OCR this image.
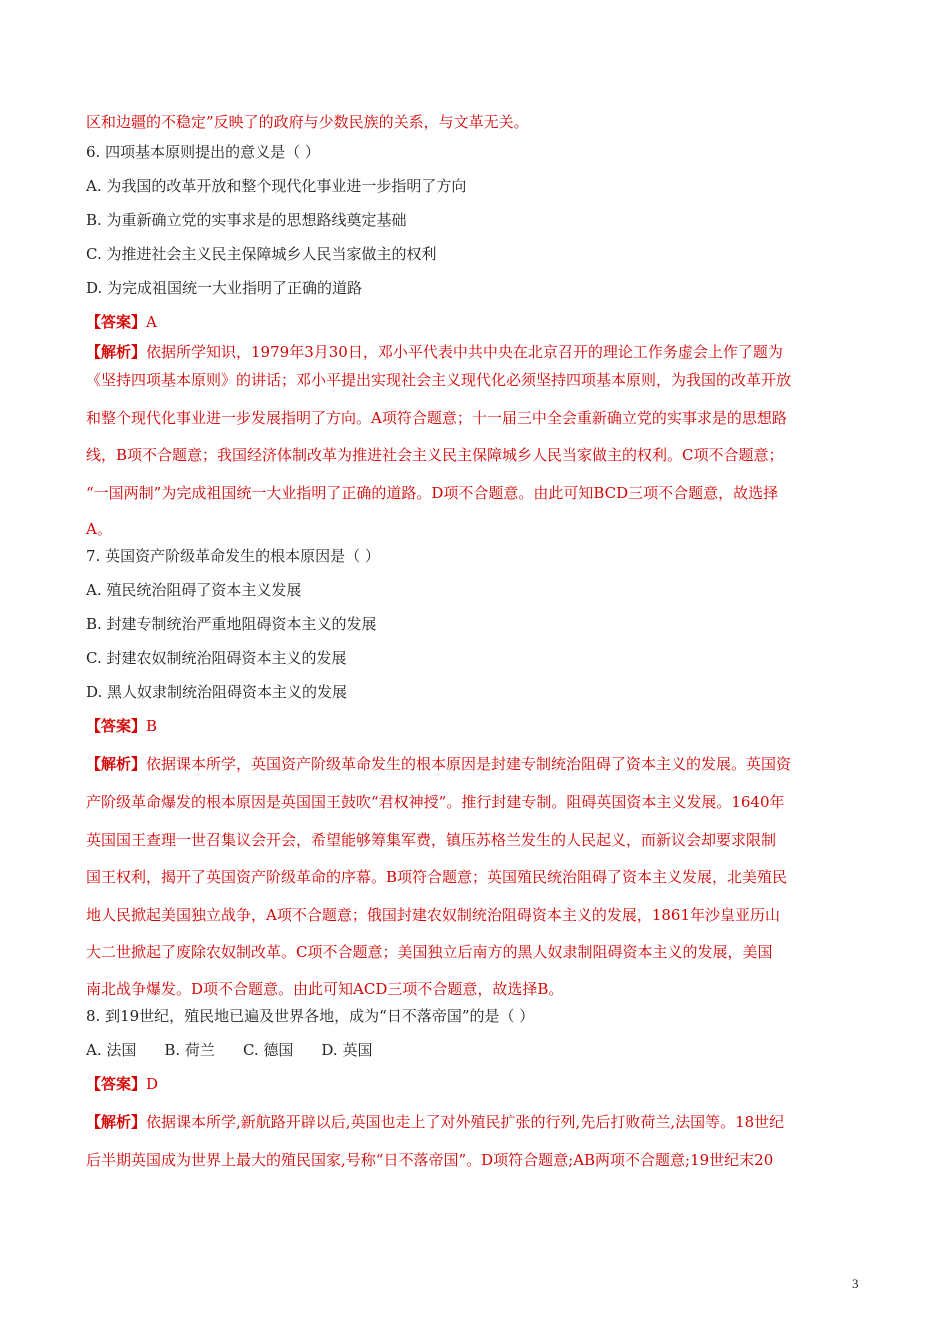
区和边疆的不稳定”反映了的政府与少数民族的关系，与文革无关。
6. 四项基本原则提出的意义是（ ）
A. 为我国的改革开放和整个现代化事业进一步指明了方向
B. 为重新确立党的实事求是的思想路线奠定基础
C. 为推进社会主义民主保障城乡人民当家做主的权利
D. 为完成祖国统一大业指明了正确的道路
【答案】A
【解析】依据所学知识，1979年3月30日，邓小平代表中共中央在北京召开的理论工作务虚会上作了题为
《坚持四项基本原则》的讲话；邓小平提出实现社会主义现代化必须坚持四项基本原则，为我国的改革开放
和整个现代化事业进一步发展指明了方向。A项符合题意；十一届三中全会重新确立党的实事求是的思想路
线，B项不合题意；我国经济体制改革为推进社会主义民主保障城乡人民当家做主的权利。C项不合题意；
“一国两制”为完成祖国统一大业指明了正确的道路。D项不合题意。由此可知BCD三项不合题意，故选择
A。
7. 英国资产阶级革命发生的根本原因是（ ）
A. 殖民统治阻碍了资本主义发展
B. 封建专制统治严重地阻碍资本主义的发展
C. 封建农奴制统治阻碍资本主义的发展
D. 黑人奴隶制统治阻碍资本主义的发展
【答案】B
【解析】依据课本所学，英国资产阶级革命发生的根本原因是封建专制统治阻碍了资本主义的发展。英国资
产阶级革命爆发的根本原因是英国国王鼓吹“君权神授”。推行封建专制。阻碍英国资本主义发展。1640年
英国国王查理一世召集议会开会，希望能够筹集军费，镇压苏格兰发生的人民起义，而新议会却要求限制
国王权利，揭开了英国资产阶级革命的序幕。B项符合题意；英国殖民统治阻碍了资本主义发展，北美殖民
地人民掀起美国独立战争，A项不合题意；俄国封建农奴制统治阻碍资本主义的发展，1861年沙皇亚历山
大二世掀起了废除农奴制改革。C项不合题意；美国独立后南方的黑人奴隶制阻碍资本主义的发展，美国
南北战争爆发。D项不合题意。由此可知ACD三项不合题意，故选择B。
8. 到19世纪，殖民地已遍及世界各地，成为“日不落帝国”的是（ ）
A. 法国 B. 荷兰 C. 德国 D. 英国
【答案】D
【解析】依据课本所学,新航路开辟以后,英国也走上了对外殖民扩张的行列,先后打败荷兰,法国等。18世纪
后半期英国成为世界上最大的殖民国家,号称“日不落帝国”。D项符合题意;AB两项不合题意;19世纪末20
3
